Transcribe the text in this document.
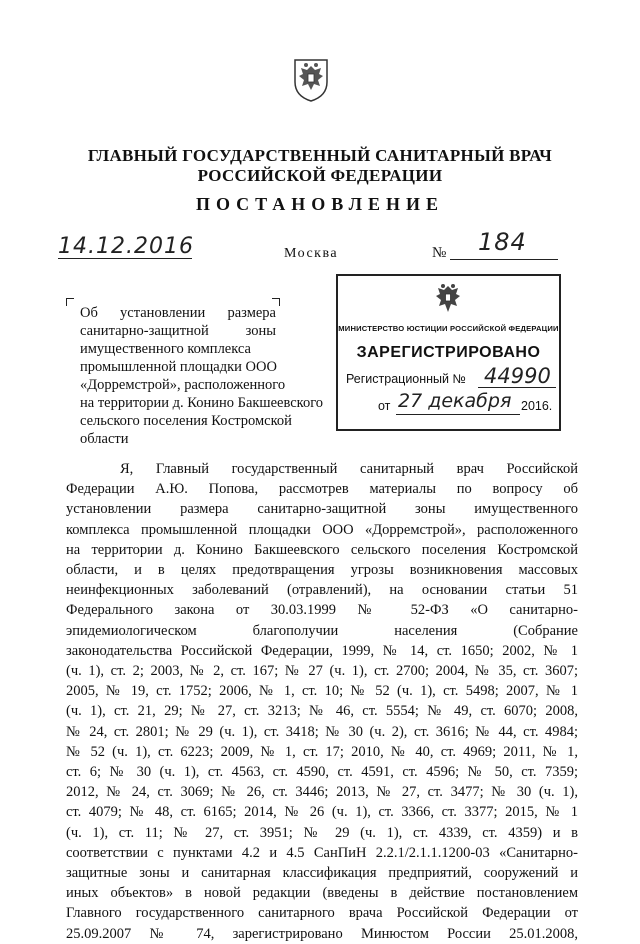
ГЛАВНЫЙ ГОСУДАРСТВЕННЫЙ САНИТАРНЫЙ ВРАЧ
РОССИЙСКОЙ ФЕДЕРАЦИИ
ПОСТАНОВЛЕНИЕ
14.12.2016	Москва	№ 184
Об установлении размера
санитарно-защитной зоны
имущественного комплекса
промышленной площадки ООО
«Дорремстрой», расположенного
на территории д. Конино Бакшеевского
сельского поселения Костромской
области
МИНИСТЕРСТВО ЮСТИЦИИ РОССИЙСКОЙ ФЕДЕРАЦИИ
ЗАРЕГИСТРИРОВАНО
Регистрационный № 44990
от 27 декабря 2016.
Я, Главный государственный санитарный врач Российской
Федерации А.Ю. Попова, рассмотрев материалы по вопросу об
установлении размера санитарно-защитной зоны имущественного
комплекса промышленной площадки ООО «Дорремстрой», расположенного
на территории д. Конино Бакшеевского сельского поселения Костромской
области, и в целях предотвращения угрозы возникновения массовых
неинфекционных заболеваний (отравлений), на основании статьи 51
Федерального закона от 30.03.1999 № 52-ФЗ «О санитарно-
эпидемиологическом благополучии населения (Собрание
законодательства Российской Федерации, 1999, № 14, ст. 1650; 2002, № 1
(ч. 1), ст. 2; 2003, № 2, ст. 167; № 27 (ч. 1), ст. 2700; 2004, № 35, ст. 3607;
2005, № 19, ст. 1752; 2006, № 1, ст. 10; № 52 (ч. 1), ст. 5498; 2007, № 1
(ч. 1), ст. 21, 29; № 27, ст. 3213; № 46, ст. 5554; № 49, ст. 6070; 2008,
№ 24, ст. 2801; № 29 (ч. 1), ст. 3418; № 30 (ч. 2), ст. 3616; № 44, ст. 4984;
№ 52 (ч. 1), ст. 6223; 2009, № 1, ст. 17; 2010, № 40, ст. 4969; 2011, № 1,
ст. 6; № 30 (ч. 1), ст. 4563, ст. 4590, ст. 4591, ст. 4596; № 50, ст. 7359;
2012, № 24, ст. 3069; № 26, ст. 3446; 2013, № 27, ст. 3477; № 30 (ч. 1),
ст. 4079; № 48, ст. 6165; 2014, № 26 (ч. 1), ст. 3366, ст. 3377; 2015, № 1
(ч. 1), ст. 11; № 27, ст. 3951; № 29 (ч. 1), ст. 4339, ст. 4359) и в
соответствии с пунктами 4.2 и 4.5 СанПиН 2.2.1/2.1.1.1200-03 «Санитарно-
защитные зоны и санитарная классификация предприятий, сооружений и
иных объектов» в новой редакции (введены в действие постановлением
Главного государственного санитарного врача Российской Федерации от
25.09.2007 № 74, зарегистрировано Минюстом России 25.01.2008,
